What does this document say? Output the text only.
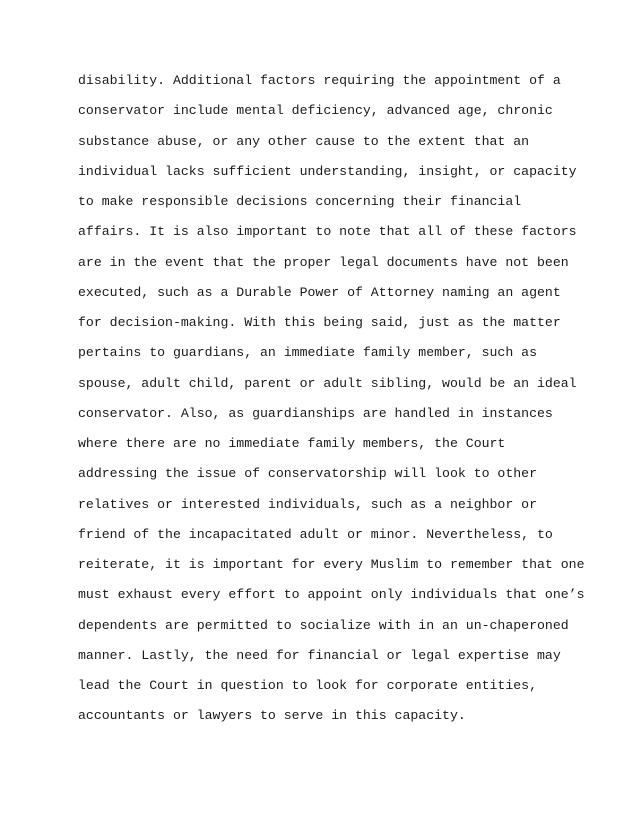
disability. Additional factors requiring the appointment of a
conservator include mental deficiency, advanced age, chronic
substance abuse, or any other cause to the extent that an
individual lacks sufficient understanding, insight, or capacity
to make responsible decisions concerning their financial
affairs. It is also important to note that all of these factors
are in the event that the proper legal documents have not been
executed, such as a Durable Power of Attorney naming an agent
for decision-making. With this being said, just as the matter
pertains to guardians, an immediate family member, such as
spouse, adult child, parent or adult sibling, would be an ideal
conservator. Also, as guardianships are handled in instances
where there are no immediate family members, the Court
addressing the issue of conservatorship will look to other
relatives or interested individuals, such as a neighbor or
friend of the incapacitated adult or minor. Nevertheless, to
reiterate, it is important for every Muslim to remember that one
must exhaust every effort to appoint only individuals that one’s
dependents are permitted to socialize with in an un-chaperoned
manner. Lastly, the need for financial or legal expertise may
lead the Court in question to look for corporate entities,
accountants or lawyers to serve in this capacity.
